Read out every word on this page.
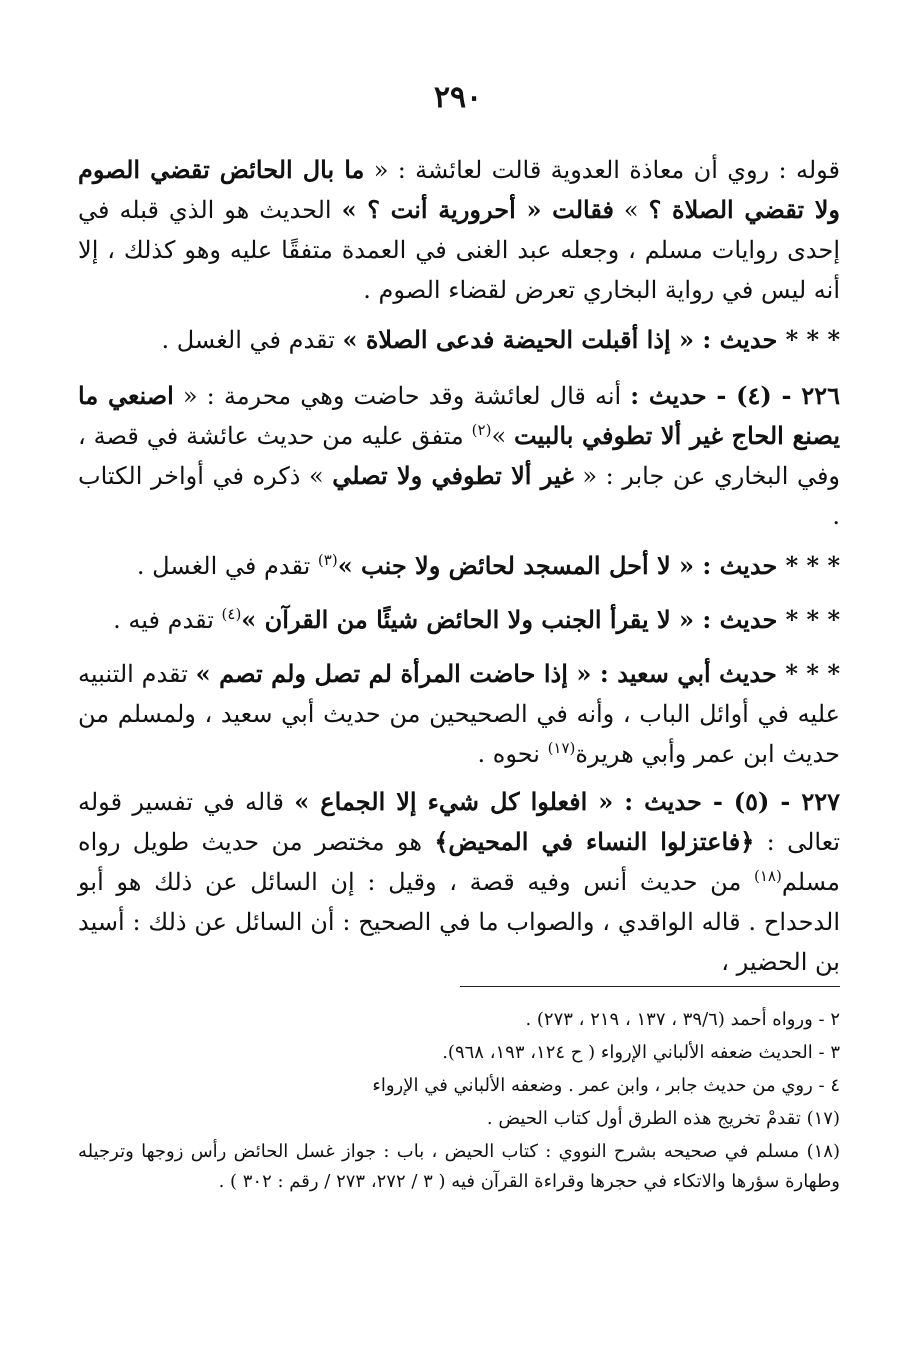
٢٩٠

قوله : روي أن معاذة العدوية قالت لعائشة : « ما بال الحائض تقضي الصوم ولا تقضي الصلاة ؟ » فقالت « أحرورية أنت ؟ » الحديث هو الذي قبله في إحدى روايات مسلم ، وجعله عبد الغنى في العمدة متفقًا عليه وهو كذلك ، إلا أنه ليس في رواية البخاري تعرض لقضاء الصوم .

* * * حديث : « إذا أقبلت الحيضة فدعى الصلاة » تقدم في الغسل .

٢٢٦ - (٤) - حديث : أنه قال لعائشة وقد حاضت وهي محرمة : « اصنعي ما يصنع الحاج غير ألا تطوفي بالبيت »$^{(٢)}$ متفق عليه من حديث عائشة في قصة ، وفي البخاري عن جابر : « غير ألا تطوفي ولا تصلي » ذكره في أواخر الكتاب .

* * * حديث : « لا أحل المسجد لحائض ولا جنب »$^{(٣)}$ تقدم في الغسل .

* * * حديث : « لا يقرأ الجنب ولا الحائض شيئًا من القرآن »$^{(٤)}$ تقدم فيه .

* * * حديث أبي سعيد : « إذا حاضت المرأة لم تصل ولم تصم » تقدم التنبيه عليه في أوائل الباب ، وأنه في الصحيحين من حديث أبي سعيد ، ولمسلم من حديث ابن عمر وأبي هريرة$^{(١٧)}$ نحوه .

٢٢٧ - (٥) - حديث : « افعلوا كل شيء إلا الجماع » قاله في تفسير قوله تعالى : ﴿فاعتزلوا النساء في المحيض﴾ هو مختصر من حديث طويل رواه مسلم$^{(١٨)}$ من حديث أنس وفيه قصة ، وقيل : إن السائل عن ذلك هو أبو الدحداح . قاله الواقدي ، والصواب ما في الصحيح : أن السائل عن ذلك : أسيد بن الحضير ،

٢ - ورواه أحمد (٣٩/٦ ، ١٣٧ ، ٢١٩ ، ٢٧٣) .

٣ - الحديث ضعفه الألباني الإرواء ( ح ١٢٤، ١٩٣، ٩٦٨).

٤ - روي من حديث جابر ، وابن عمر . وضعفه الألباني في الإرواء

(١٧) تقدمْ تخريج هذه الطرق أول كتاب الحيض .

(١٨) مسلم في صحيحه بشرح النووي : كتاب الحيض ، باب : جواز غسل الحائض رأس زوجها وترجيله وطهارة سؤرها والاتكاء في حجرها وقراءة القرآن فيه ( ٣ / ٢٧٢، ٢٧٣ / رقم : ٣٠٢ ) .
